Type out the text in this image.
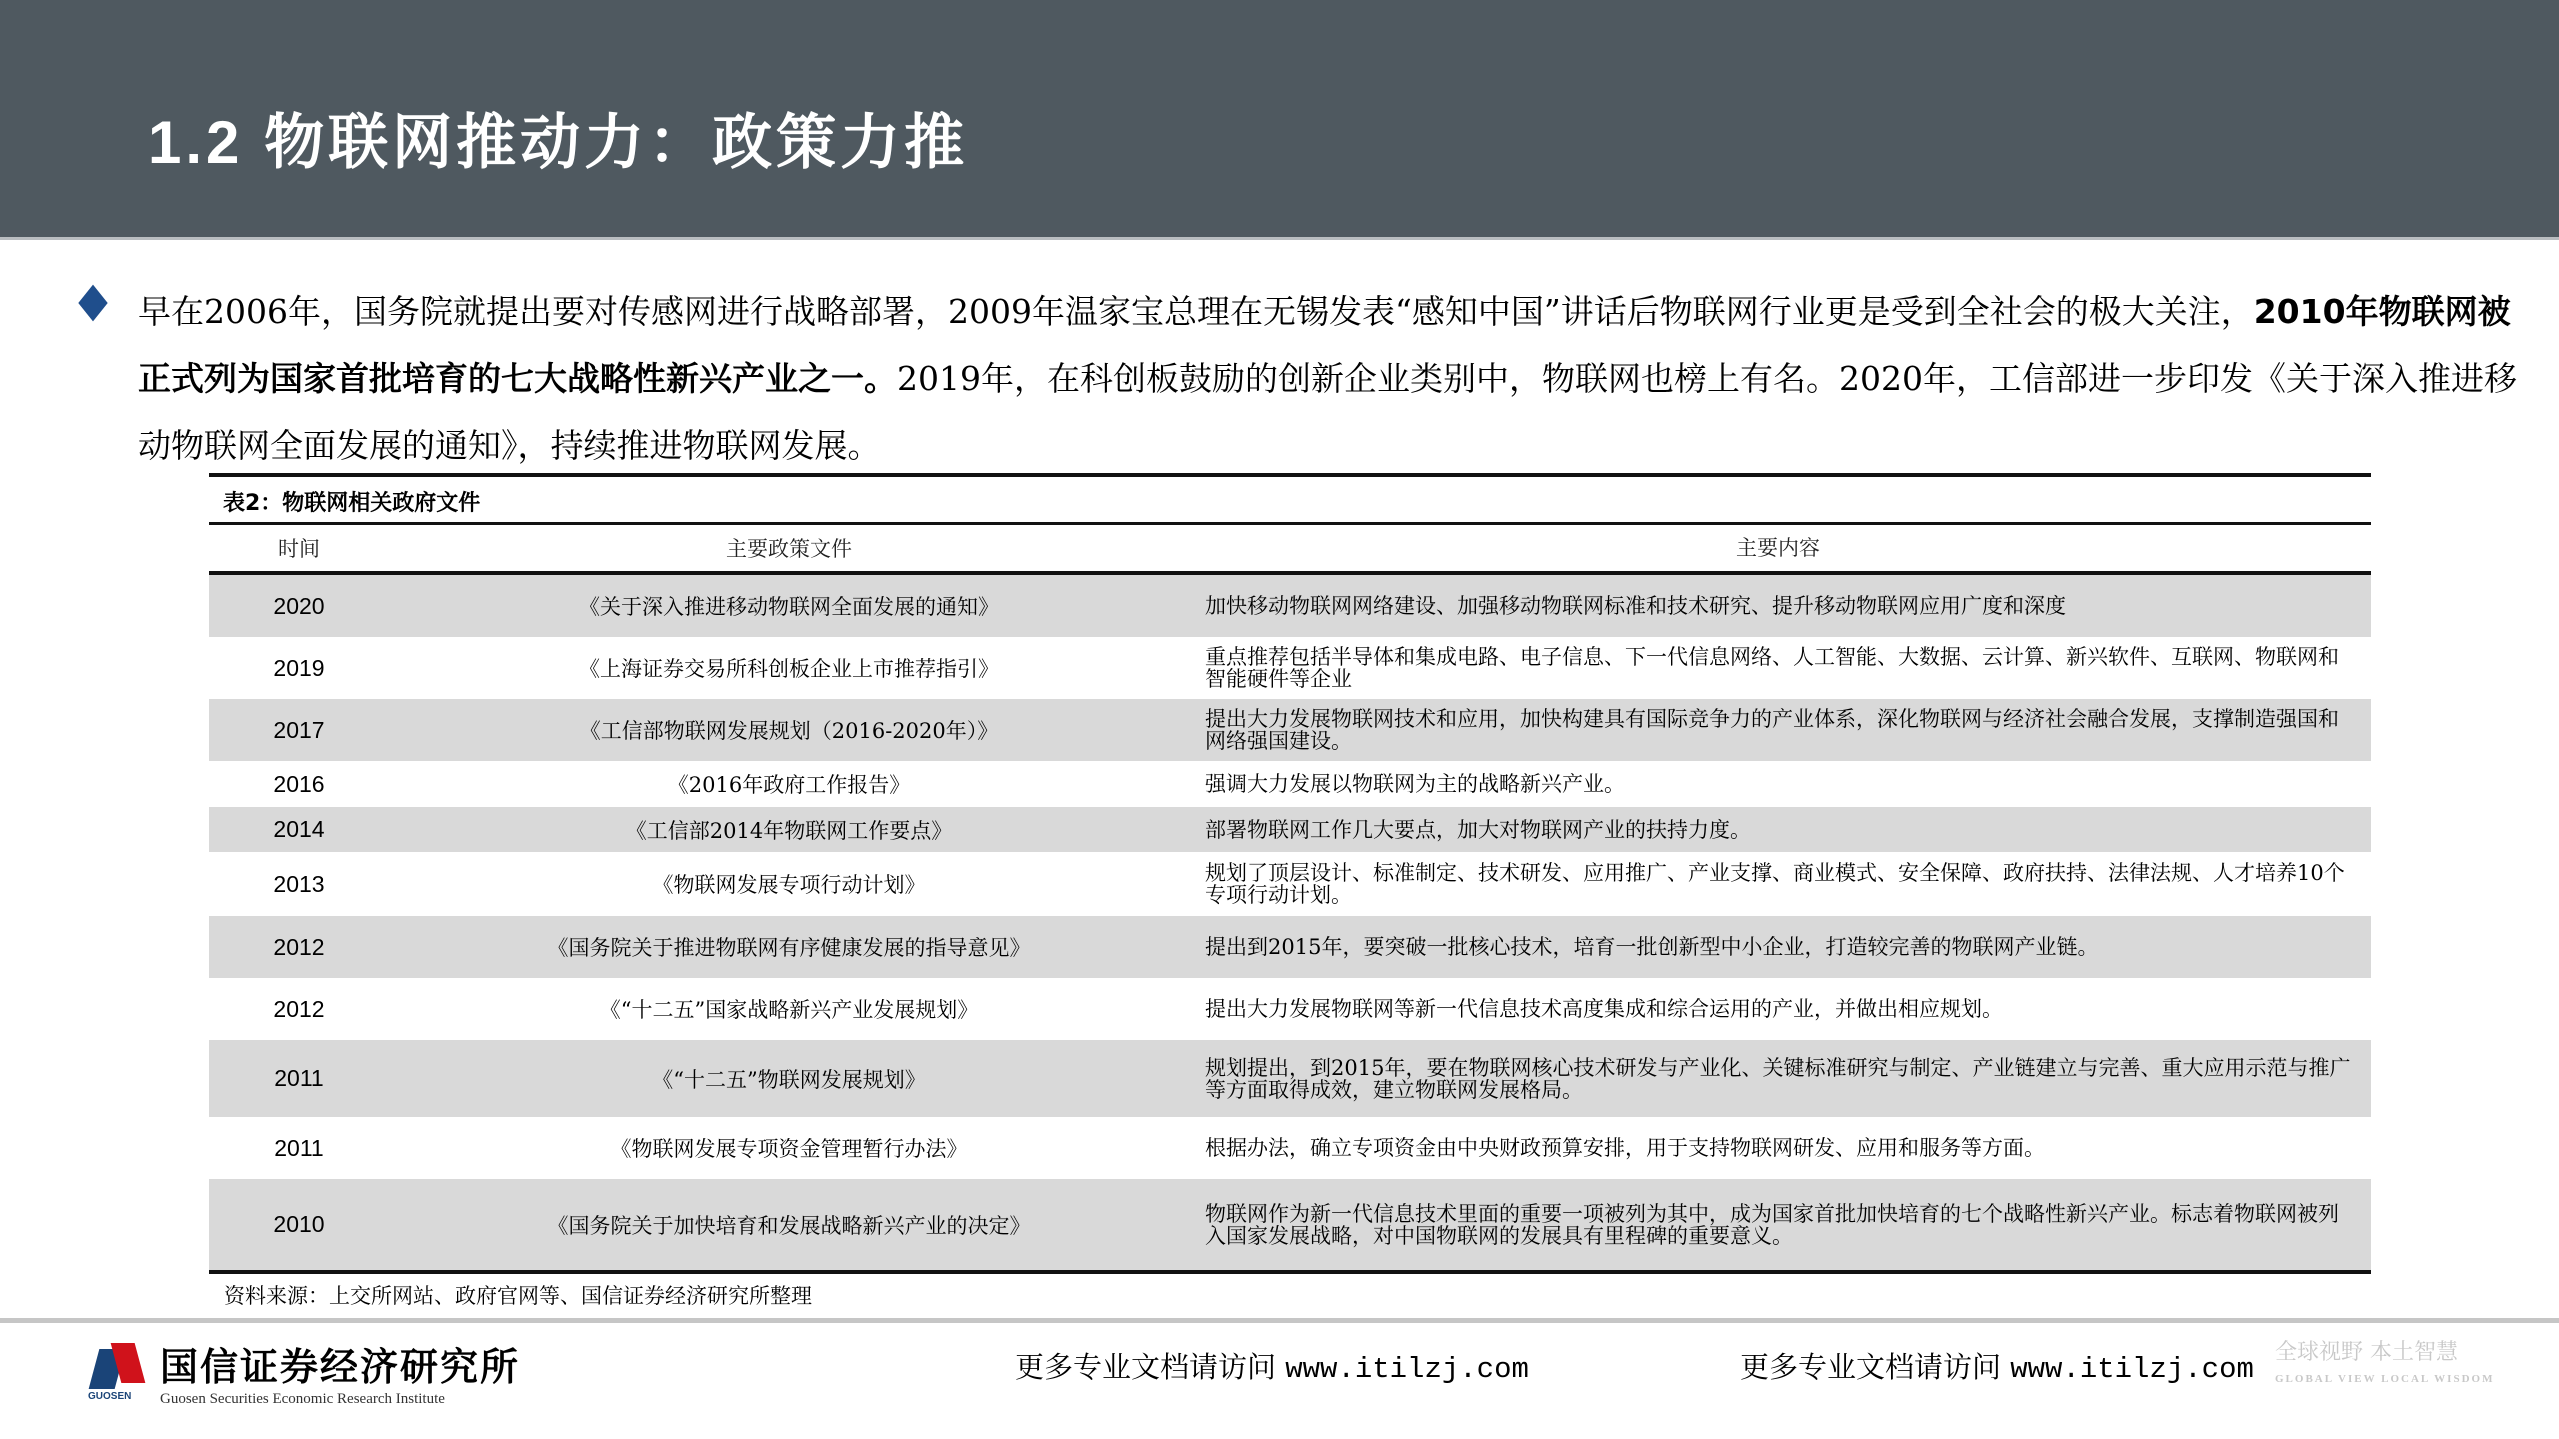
1.2 物联网推动力：政策力推
早在2006年，国务院就提出要对传感网进行战略部署，2009年温家宝总理在无锡发表“感知中国”讲话后物联网行业更是受到全社会的极大关注，2010年物联网被正式列为国家首批培育的七大战略性新兴产业之一。2019年，在科创板鼓励的创新企业类别中，物联网也榜上有名。2020年，工信部进一步印发《关于深入推进移动物联网全面发展的通知》，持续推进物联网发展。
表2：物联网相关政府文件
时间	主要政策文件	主要内容
2020	《关于深入推进移动物联网全面发展的通知》	加快移动物联网网络建设、加强移动物联网标准和技术研究、提升移动物联网应用广度和深度
2019	《上海证券交易所科创板企业上市推荐指引》	重点推荐包括半导体和集成电路、电子信息、下一代信息网络、人工智能、大数据、云计算、新兴软件、互联网、物联网和智能硬件等企业
2017	《工信部物联网发展规划（2016-2020年）》	提出大力发展物联网技术和应用，加快构建具有国际竞争力的产业体系，深化物联网与经济社会融合发展，支撑制造强国和网络强国建设。
2016	《2016年政府工作报告》	强调大力发展以物联网为主的战略新兴产业。
2014	《工信部2014年物联网工作要点》	部署物联网工作几大要点，加大对物联网产业的扶持力度。
2013	《物联网发展专项行动计划》	规划了顶层设计、标准制定、技术研发、应用推广、产业支撑、商业模式、安全保障、政府扶持、法律法规、人才培养10个专项行动计划。
2012	《国务院关于推进物联网有序健康发展的指导意见》	提出到2015年，要突破一批核心技术，培育一批创新型中小企业，打造较完善的物联网产业链。
2012	《“十二五”国家战略新兴产业发展规划》	提出大力发展物联网等新一代信息技术高度集成和综合运用的产业，并做出相应规划。
2011	《“十二五”物联网发展规划》	规划提出，到2015年，要在物联网核心技术研发与产业化、关键标准研究与制定、产业链建立与完善、重大应用示范与推广等方面取得成效，建立物联网发展格局。
2011	《物联网发展专项资金管理暂行办法》	根据办法，确立专项资金由中央财政预算安排，用于支持物联网研发、应用和服务等方面。
2010	《国务院关于加快培育和发展战略新兴产业的决定》	物联网作为新一代信息技术里面的重要一项被列为其中，成为国家首批加快培育的七个战略性新兴产业。标志着物联网被列入国家发展战略，对中国物联网的发展具有里程碑的重要意义。
资料来源：上交所网站、政府官网等、国信证券经济研究所整理
GUOSEN
国信证券经济研究所
Guosen Securities Economic Research Institute
更多专业文档请访问 www.itilzj.com	更多专业文档请访问 www.itilzj.com
全球视野 本土智慧
GLOBAL VIEW LOCAL WISDOM
